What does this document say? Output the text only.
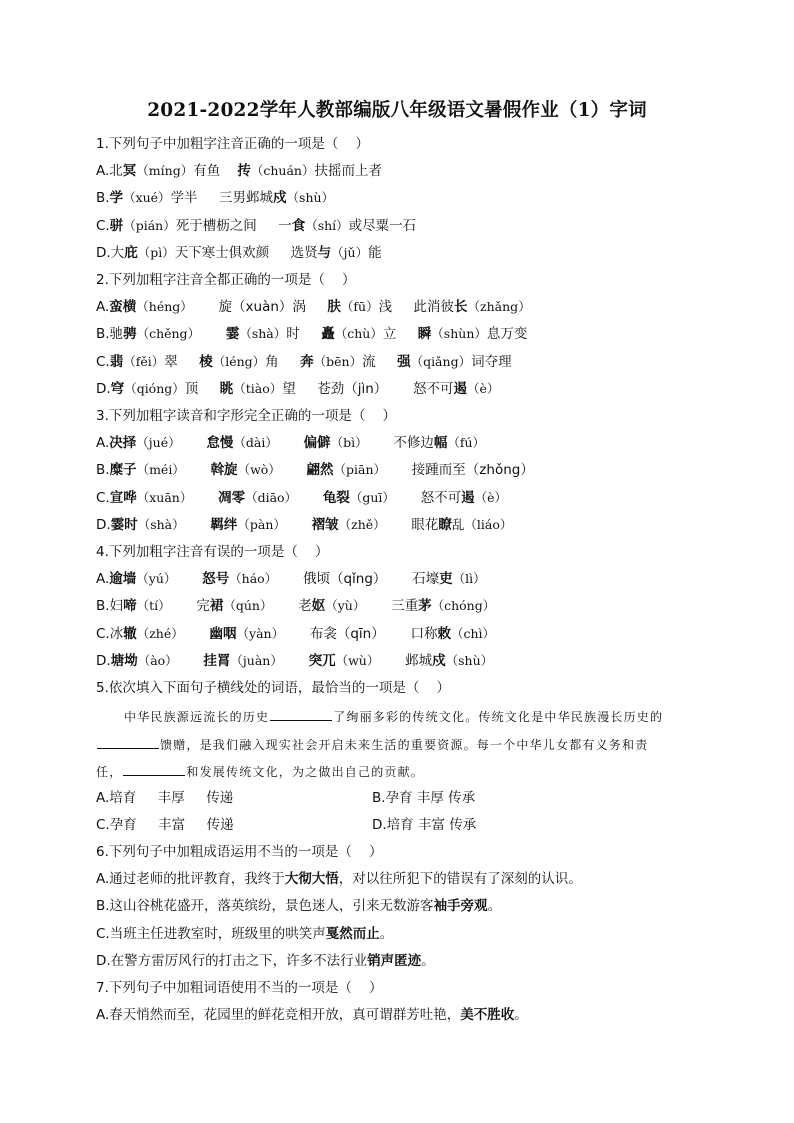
2021-2022学年人教部编版八年级语文暑假作业（1）字词
1.下列句子中加粗字注音正确的一项是（    ）
A.北冥（míng）有鱼    抟（chuán）扶摇而上者
B.学（xué）学半     三男邺城戍（shù）
C.骈（pián）死于槽枥之间     一食（shí）或尽粟一石
D.大庇（pì）天下寒士俱欢颜     选贤与（jǔ）能
2.下列加粗字注音全都正确的一项是（    ）
A.蛮横（héng）      旋（xuàn）涡     肤（fū）浅     此消彼长（zhǎng）
B.驰骋（chěng） 霎（shà）时     矗（chù）立     瞬（shùn）息万变
C.翡（fěi）翠     棱（léng）角     奔（bēn）流     强（qiǎng）词夺理
D.穹（qióng）顶     眺（tiào）望     苍劲（jìn）      怒不可遏（è）
3.下列加粗字读音和字形完全正确的一项是（    ）
A.决择（jué） 怠慢（dài） 偏僻（bì）      不修边幅（fú）
B.糜子（méi） 斡旋（wò） 翩然（piān）      接踵而至（zhǒng）
C.宣哗（xuān） 凋零（diāo） 龟裂（guī）      怒不可遏（è）
D.霎时（shà） 羁绊（pàn） 褶皱（zhě）      眼花瞭乱（liáo）
4.下列加粗字注音有误的一项是（    ）
A.逾墙（yú） 怒号（háo）      俄顷（qǐng）      石壕吏（lì）
B.妇啼（tí）      完裙（qún）      老妪（yù）      三重茅（chóng）
C.冰辙（zhé） 幽咽（yàn）      布衾（qīn）      口称敕（chì）
D.塘坳（ào） 挂罥（juàn） 突兀（wù）      邺城戍（shù）
5.依次填入下面句子横线处的词语，最恰当的一项是（    ）
中华民族源远流长的历史	了绚丽多彩的传统文化。传统文化是中华民族漫长历史的
馈赠，是我们融入现实社会开启未来生活的重要资源。每一个中华儿女都有义务和责
任，	和发展传统文化，为之做出自己的贡献。
A.培育     丰厚     传递	B.孕育 丰厚 传承
C.孕育     丰富     传递	D.培育 丰富 传承
6.下列句子中加粗成语运用不当的一项是（    ）
A.通过老师的批评教育，我终于大彻大悟，对以往所犯下的错误有了深刻的认识。
B.这山谷桃花盛开，落英缤纷，景色迷人，引来无数游客袖手旁观。
C.当班主任进教室时，班级里的哄笑声戛然而止。
D.在警方雷厉风行的打击之下，许多不法行业销声匿迹。
7.下列句子中加粗词语使用不当的一项是（    ）
A.春天悄然而至，花园里的鲜花竞相开放，真可谓群芳吐艳，美不胜收。
